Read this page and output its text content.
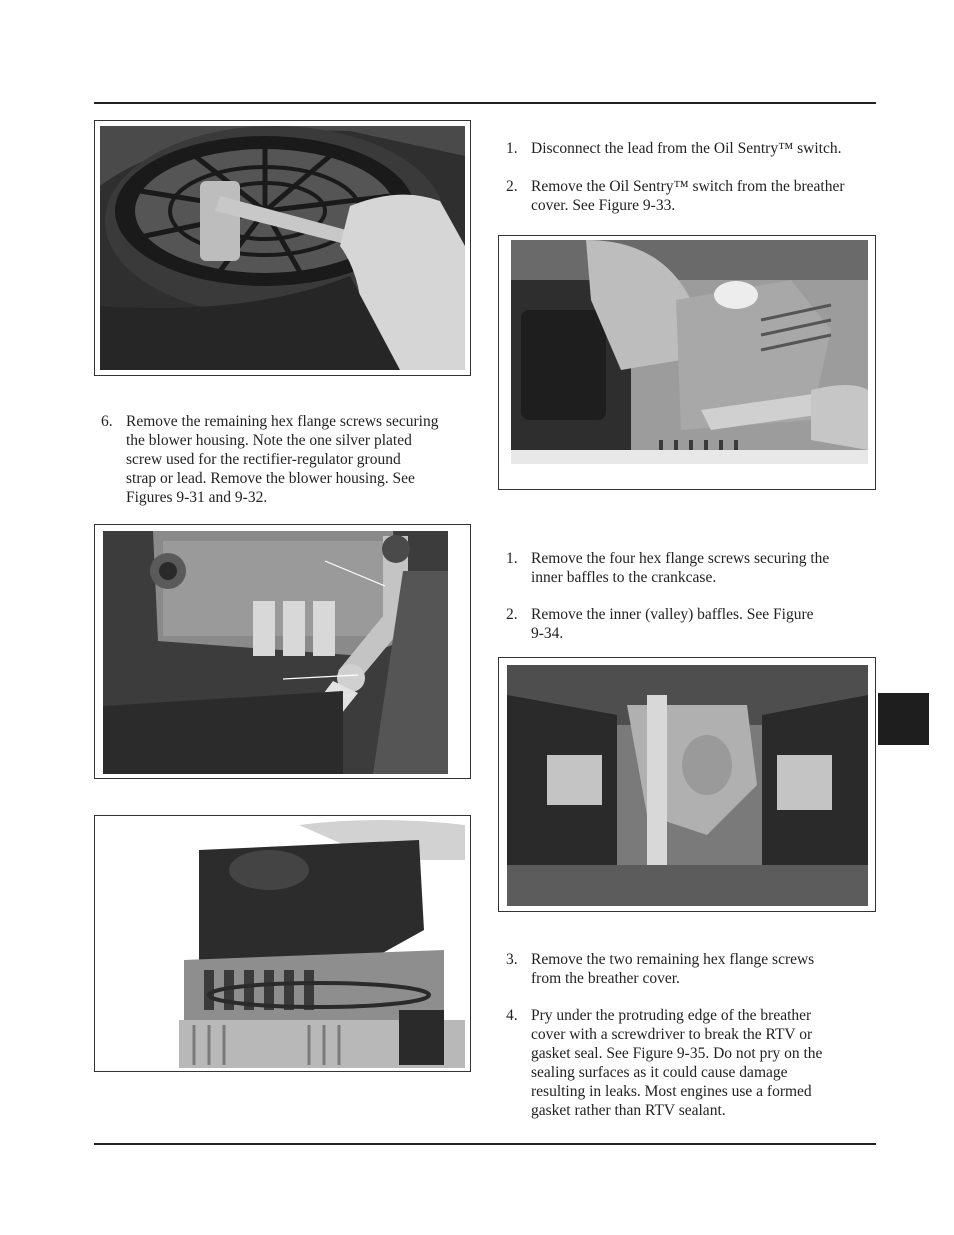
6. Remove the remaining hex flange screws securing
the blower housing. Note the one silver plated
screw used for the rectifier-regulator ground
strap or lead. Remove the blower housing. See
Figures 9-31 and 9-32.
1. Disconnect the lead from the Oil Sentry™ switch.
2. Remove the Oil Sentry™ switch from the breather
cover. See Figure 9-33.
1. Remove the four hex flange screws securing the
inner baffles to the crankcase.
2. Remove the inner (valley) baffles. See Figure
9-34.
3. Remove the two remaining hex flange screws
from the breather cover.
4. Pry under the protruding edge of the breather
cover with a screwdriver to break the RTV or
gasket seal. See Figure 9-35. Do not pry on the
sealing surfaces as it could cause damage
resulting in leaks. Most engines use a formed
gasket rather than RTV sealant.
